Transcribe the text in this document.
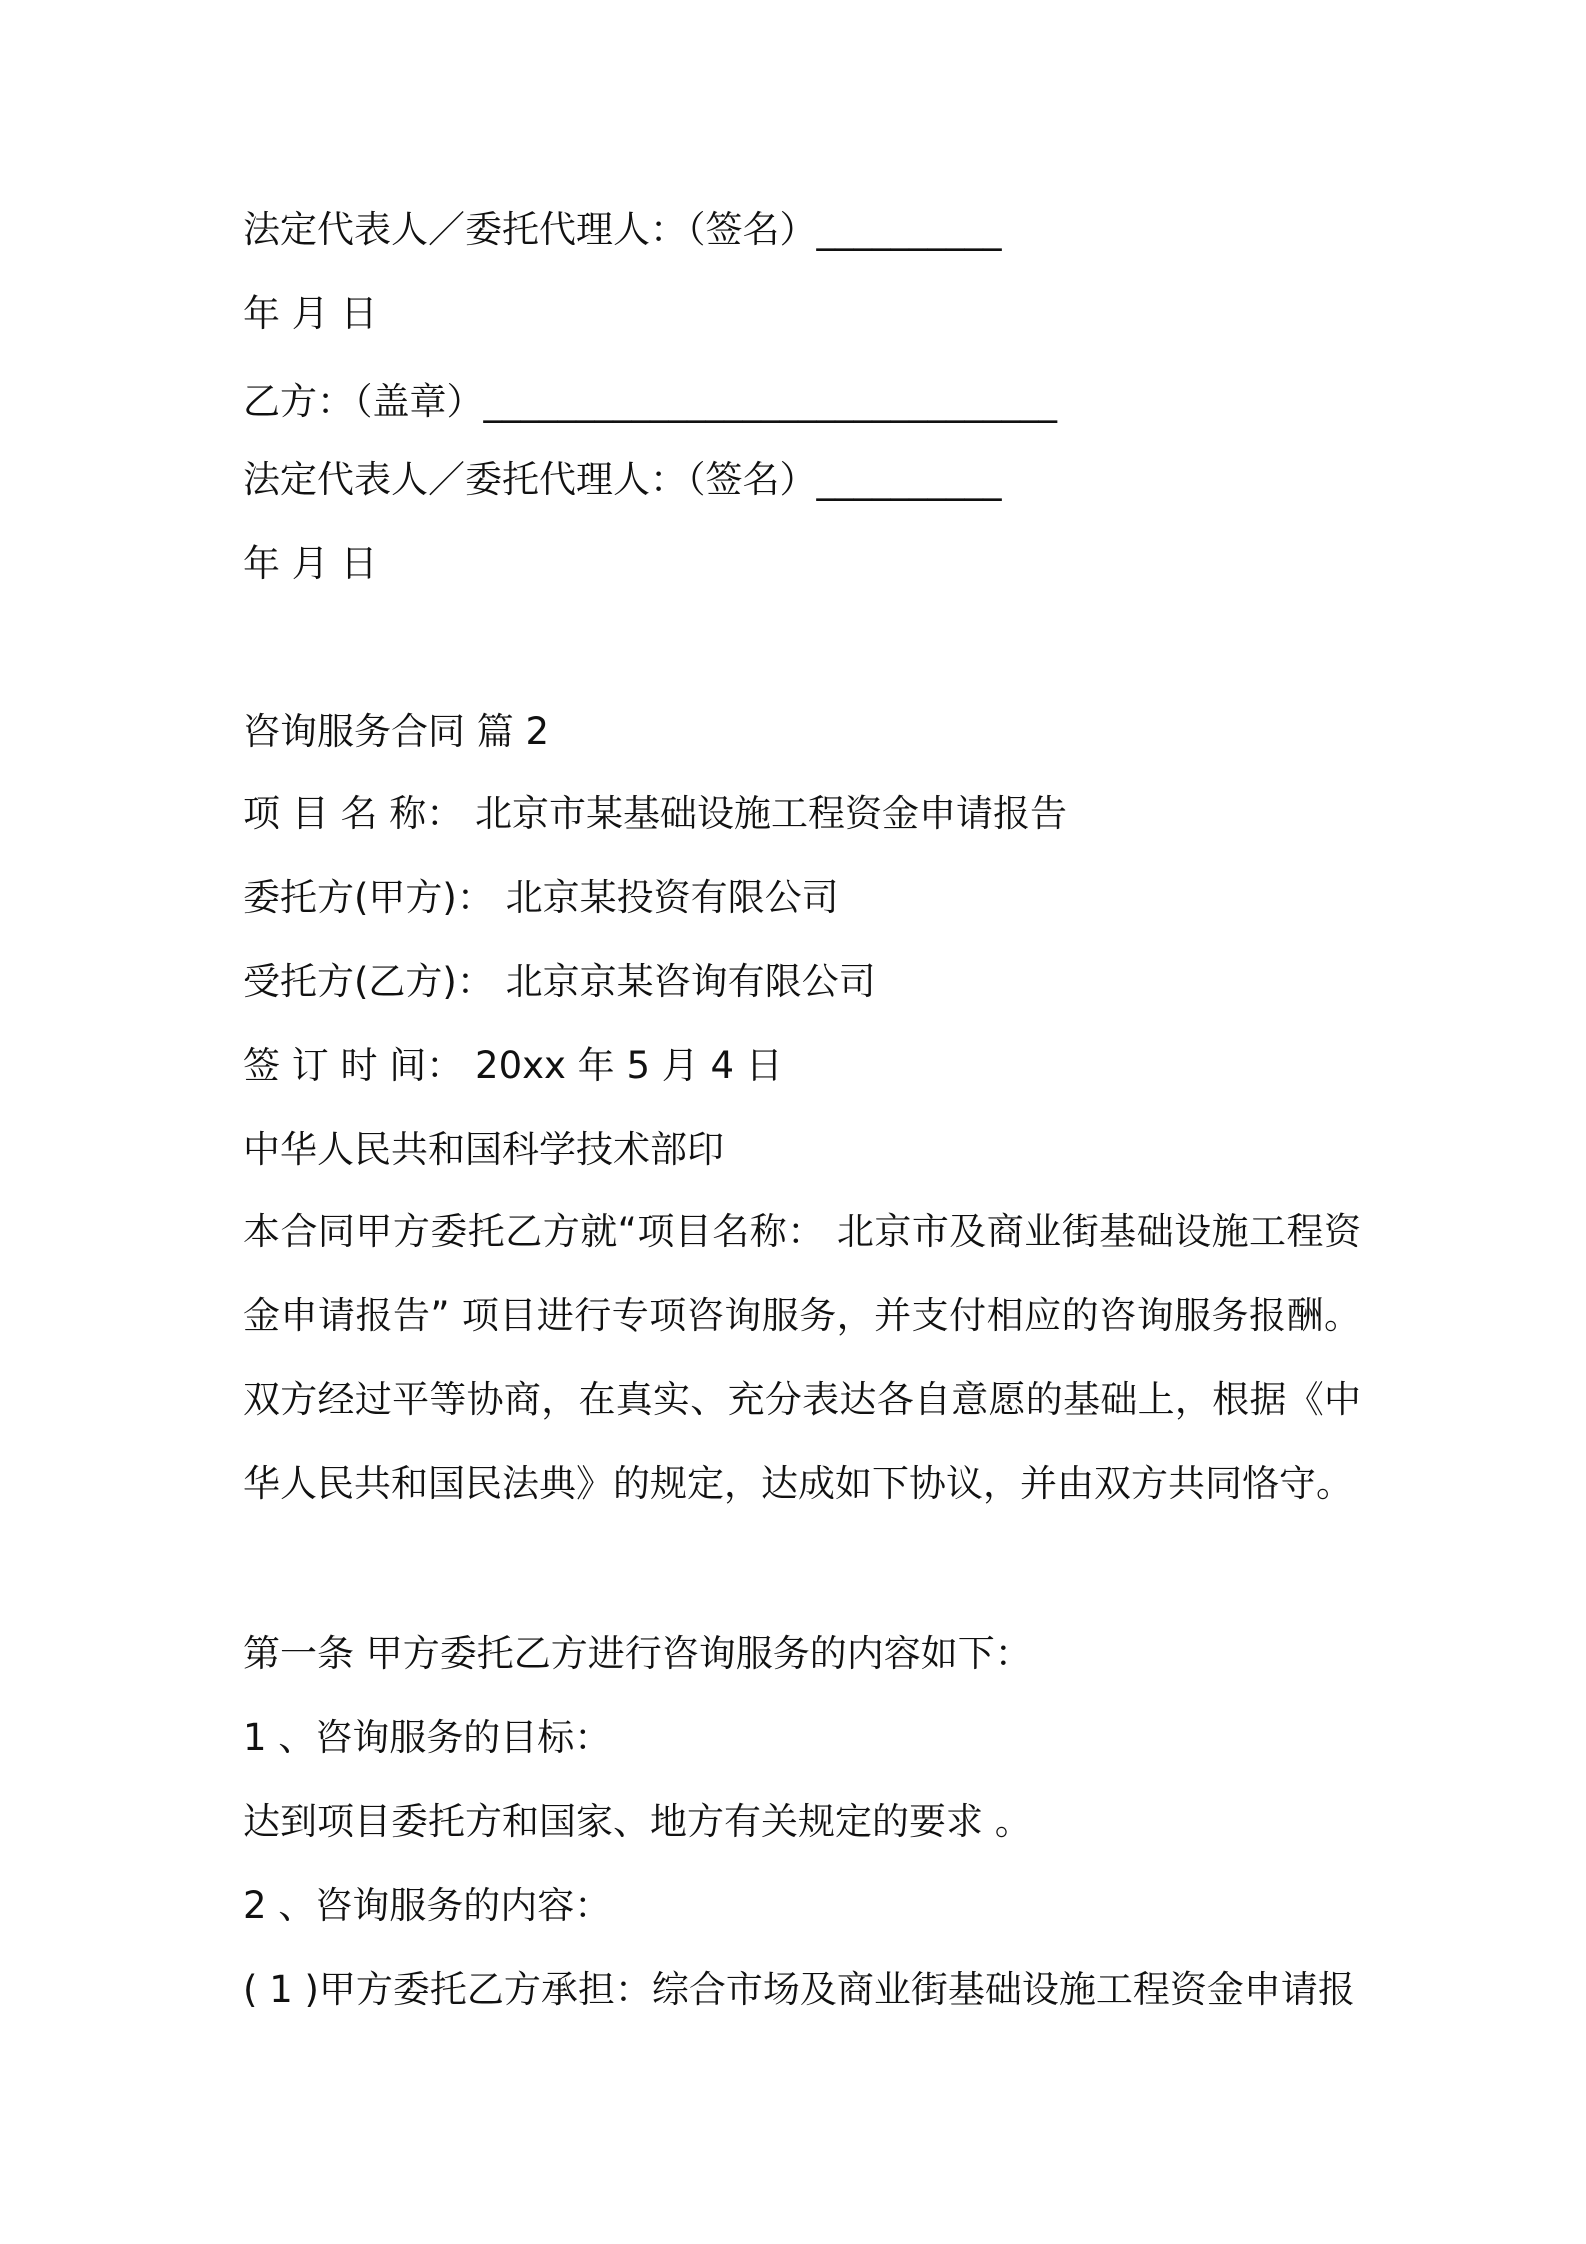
法定代表人／委托代理人：（签名）__________
年 月 日
乙方：（盖章）_______________________________
法定代表人／委托代理人：（签名）__________
年 月 日
咨询服务合同 篇 2
项 目 名 称： 北京市某基础设施工程资金申请报告
委托方(甲方)： 北京某投资有限公司
受托方(乙方)： 北京京某咨询有限公司
签 订 时 间： 20xx 年 5 月 4 日
中华人民共和国科学技术部印
本合同甲方委托乙方就“项目名称： 北京市及商业街基础设施工程资金申请报告” 项目进行专项咨询服务，并支付相应的咨询服务报酬。双方经过平等协商，在真实、充分表达各自意愿的基础上，根据《中华人民共和国民法典》的规定，达成如下协议，并由双方共同恪守。
第一条 甲方委托乙方进行咨询服务的内容如下：
1 、咨询服务的目标：
达到项目委托方和国家、地方有关规定的要求 。
2 、咨询服务的内容：
( 1 )甲方委托乙方承担：综合市场及商业街基础设施工程资金申请报
